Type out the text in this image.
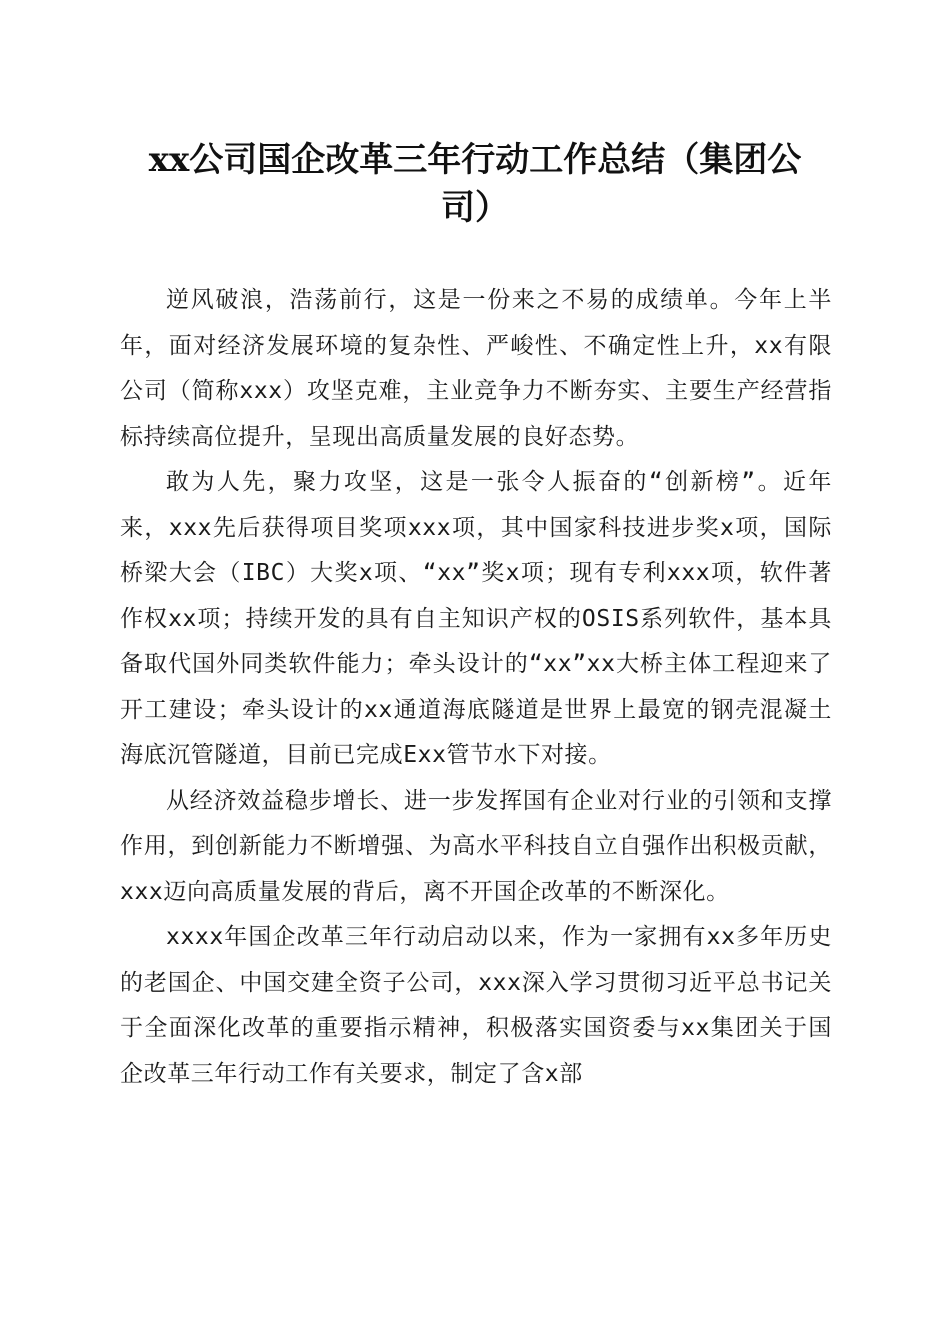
xx公司国企改革三年行动工作总结（集团公
司）

逆风破浪，浩荡前行，这是一份来之不易的成绩单。今年上半年，面对经济发展环境的复杂性、严峻性、不确定性上升，xx有限公司（简称xxx）攻坚克难，主业竞争力不断夯实、主要生产经营指标持续高位提升，呈现出高质量发展的良好态势。

敢为人先，聚力攻坚，这是一张令人振奋的“创新榜”。近年来，xxx先后获得项目奖项xxx项，其中国家科技进步奖x项，国际桥梁大会（IBC）大奖x项、“xx”奖x项；现有专利xxx项，软件著作权xx项；持续开发的具有自主知识产权的OSIS系列软件，基本具备取代国外同类软件能力；牵头设计的“xx”xx大桥主体工程迎来了开工建设；牵头设计的xx通道海底隧道是世界上最宽的钢壳混凝土海底沉管隧道，目前已完成Exx管节水下对接。

从经济效益稳步增长、进一步发挥国有企业对行业的引领和支撑作用，到创新能力不断增强、为高水平科技自立自强作出积极贡献，xxx迈向高质量发展的背后，离不开国企改革的不断深化。

xxxx年国企改革三年行动启动以来，作为一家拥有xx多年历史的老国企、中国交建全资子公司，xxx深入学习贯彻习近平总书记关于全面深化改革的重要指示精神，积极落实国资委与xx集团关于国企改革三年行动工作有关要求，制定了含x部
